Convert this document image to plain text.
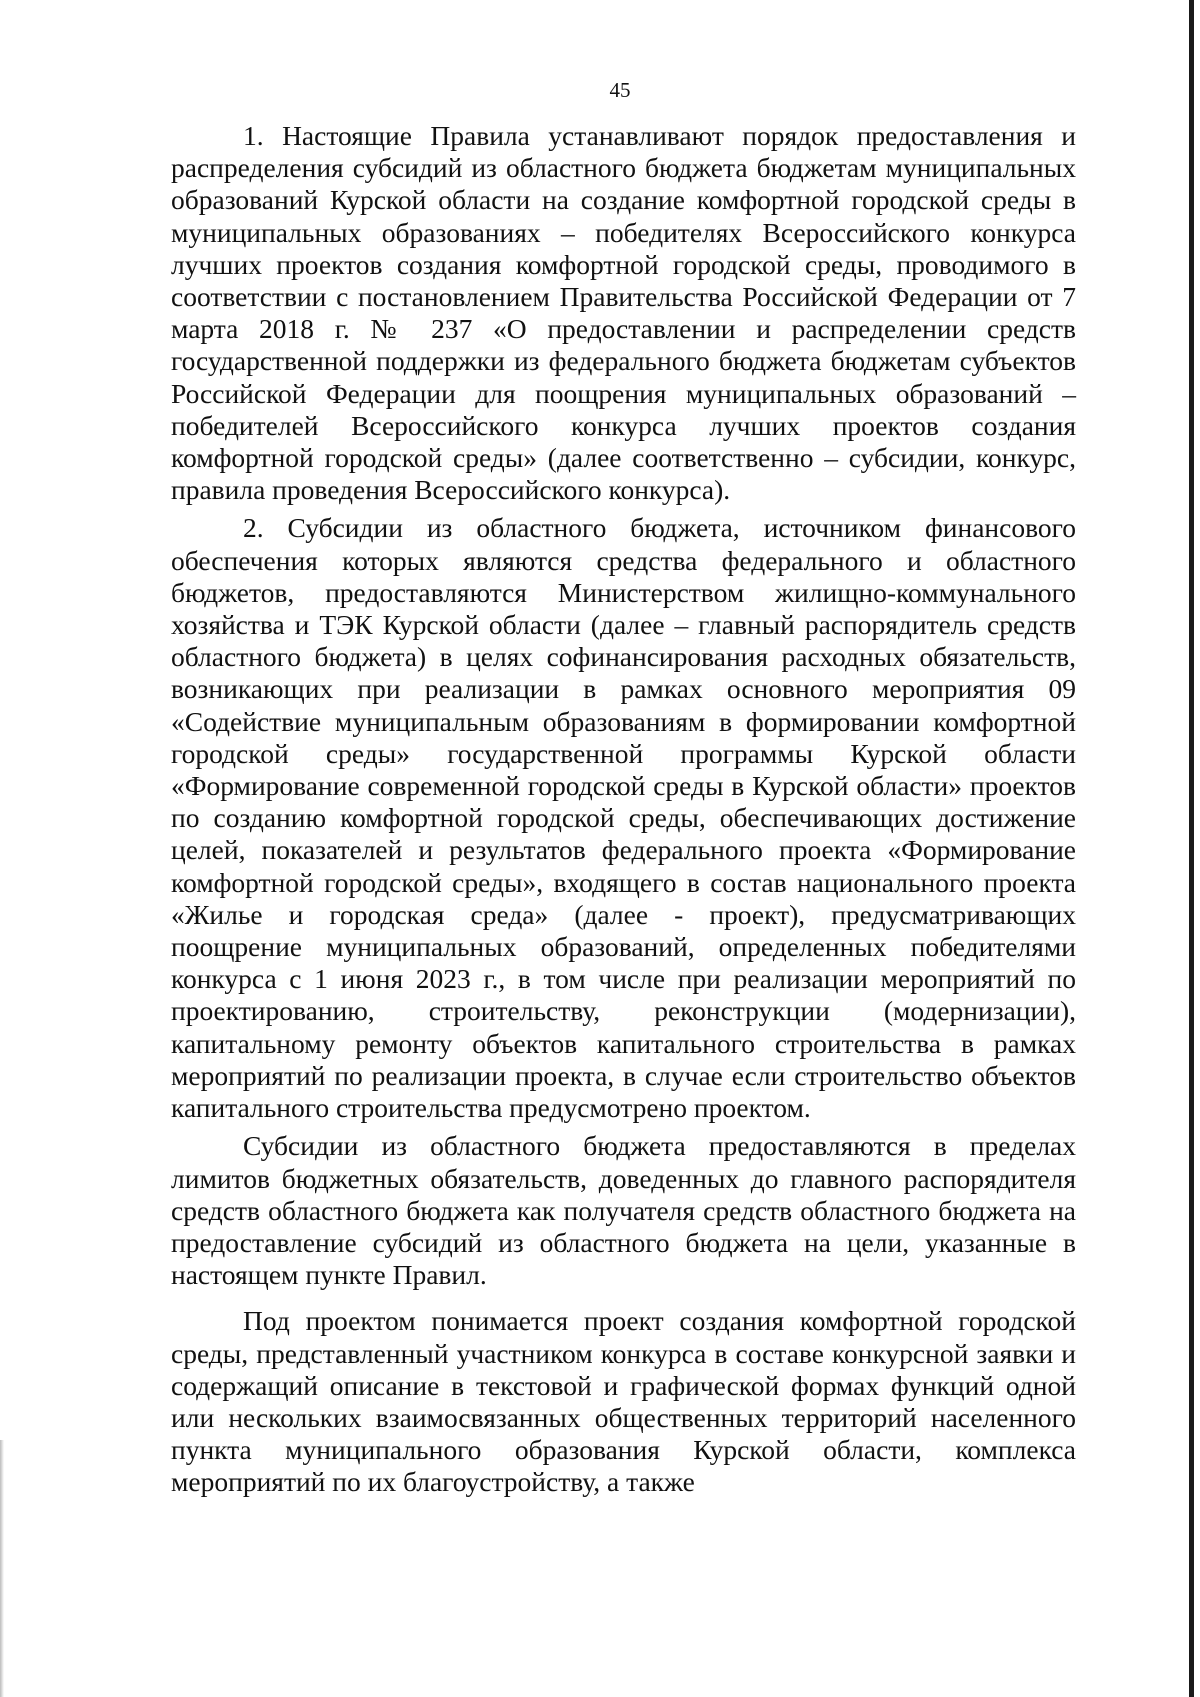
45

1. Настоящие Правила устанавливают порядок предоставления и распределения субсидий из областного бюджета бюджетам муниципальных образований Курской области на создание комфортной городской среды в муниципальных образованиях – победителях Всероссийского конкурса лучших проектов создания комфортной городской среды, проводимого в соответствии с постановлением Правительства Российской Федерации от 7 марта 2018 г. № 237 «О предоставлении и распределении средств государственной поддержки из федерального бюджета бюджетам субъектов Российской Федерации для поощрения муниципальных образований – победителей Всероссийского конкурса лучших проектов создания комфортной городской среды» (далее соответственно – субсидии, конкурс, правила проведения Всероссийского конкурса).

2. Субсидии из областного бюджета, источником финансового обеспечения которых являются средства федерального и областного бюджетов, предоставляются Министерством жилищно-коммунального хозяйства и ТЭК Курской области (далее – главный распорядитель средств областного бюджета) в целях софинансирования расходных обязательств, возникающих при реализации в рамках основного мероприятия 09 «Содействие муниципальным образованиям в формировании комфортной городской среды» государственной программы Курской области «Формирование современной городской среды в Курской области» проектов по созданию комфортной городской среды, обеспечивающих достижение целей, показателей и результатов федерального проекта «Формирование комфортной городской среды», входящего в состав национального проекта «Жилье и городская среда» (далее - проект), предусматривающих поощрение муниципальных образований, определенных победителями конкурса с 1 июня 2023 г., в том числе при реализации мероприятий по проектированию, строительству, реконструкции (модернизации), капитальному ремонту объектов капитального строительства в рамках мероприятий по реализации проекта, в случае если строительство объектов капитального строительства предусмотрено проектом.

Субсидии из областного бюджета предоставляются в пределах лимитов бюджетных обязательств, доведенных до главного распорядителя средств областного бюджета как получателя средств областного бюджета на предоставление субсидий из областного бюджета на цели, указанные в настоящем пункте Правил.

Под проектом понимается проект создания комфортной городской среды, представленный участником конкурса в составе конкурсной заявки и содержащий описание в текстовой и графической формах функций одной или нескольких взаимосвязанных общественных территорий населенного пункта муниципального образования Курской области, комплекса мероприятий по их благоустройству, а также
